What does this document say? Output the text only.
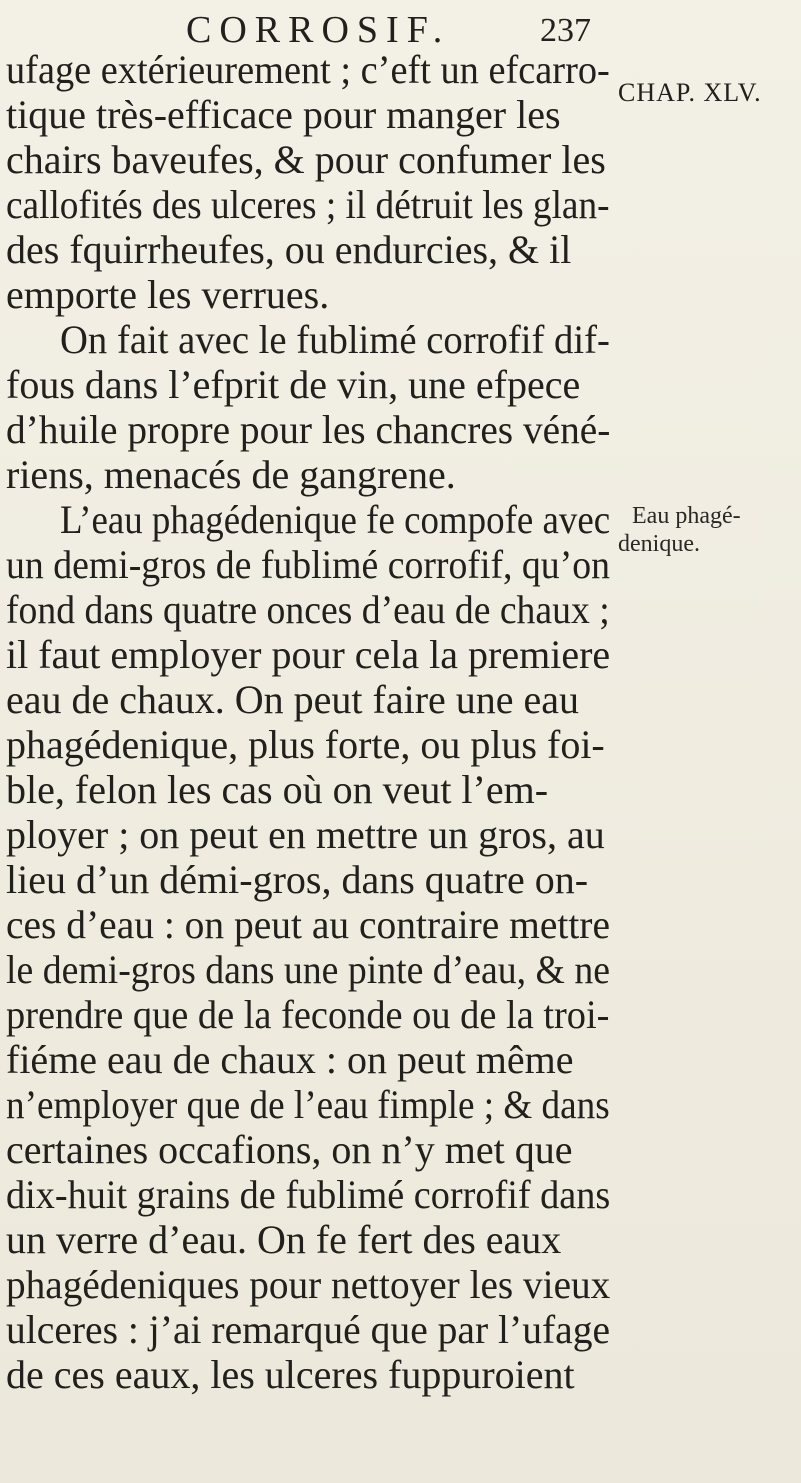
CORROSIF.	237
CHAP. XLV.
ufage extérieurement ; c’eft un efcarro-
tique très-efficace pour manger les
chairs baveufes, & pour confumer les
callofités des ulceres ; il détruit les glan-
des fquirrheufes, ou endurcies, & il
emporte les verrues.
On fait avec le fublimé corrofif dif-
fous dans l’efprit de vin, une efpece
d’huile propre pour les chancres véné-
riens, menacés de gangrene.
L’eau phagédenique fe compofe avec
un demi-gros de fublimé corrofif, qu’on
fond dans quatre onces d’eau de chaux ;
il faut employer pour cela la premiere
eau de chaux. On peut faire une eau
phagédenique, plus forte, ou plus foi-
ble, felon les cas où on veut l’em-
ployer ; on peut en mettre un gros, au
lieu d’un démi-gros, dans quatre on-
ces d’eau : on peut au contraire mettre
le demi-gros dans une pinte d’eau, & ne
prendre que de la feconde ou de la troi-
fiéme eau de chaux : on peut même
n’employer que de l’eau fimple ; & dans
certaines occafions, on n’y met que
dix-huit grains de fublimé corrofif dans
un verre d’eau. On fe fert des eaux
phagédeniques pour nettoyer les vieux
ulceres : j’ai remarqué que par l’ufage
de ces eaux, les ulceres fuppuroient
Eau phagé-
denique.
